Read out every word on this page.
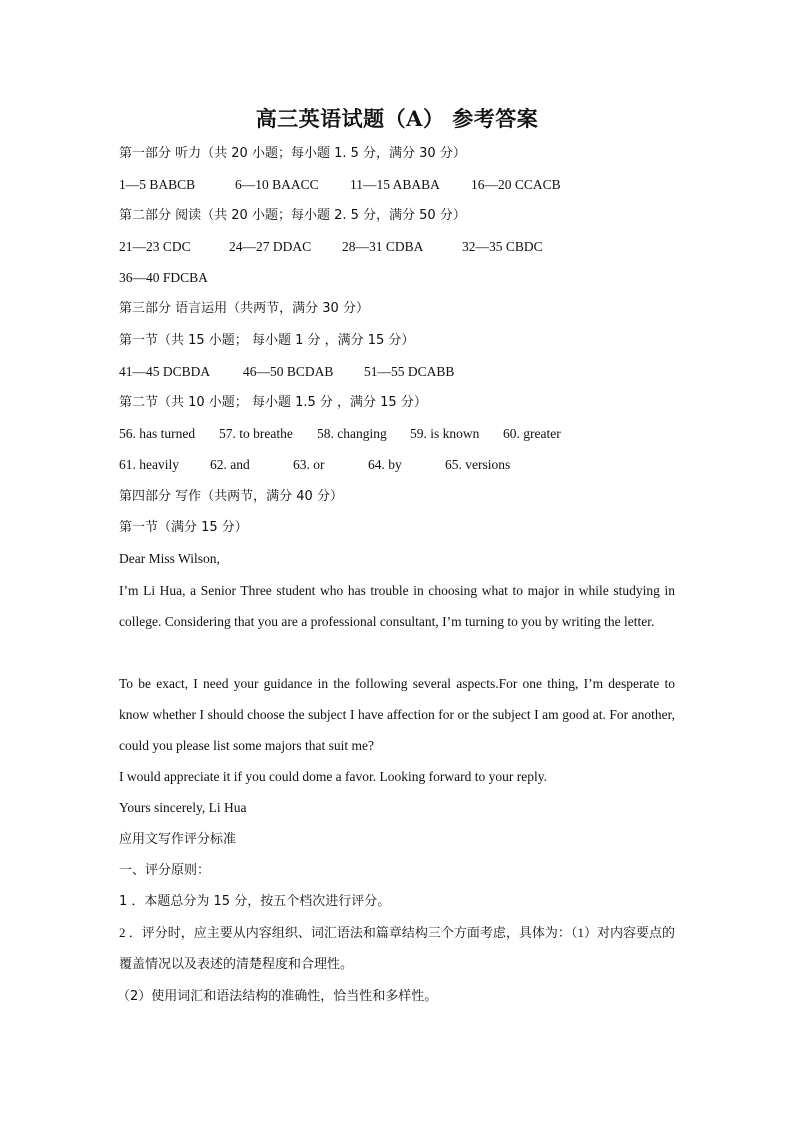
高三英语试题（A） 参考答案
第一部分 听力（共 20 小题；每小题 1. 5 分，满分 30 分）
1—5 BABCB	6—10 BAACC	11—15 ABABA	16—20 CCACB
第二部分 阅读（共 20 小题；每小题 2. 5 分，满分 50 分）
21—23 CDC	24—27 DDAC	28—31 CDBA	32—35 CBDC
36—40 FDCBA
第三部分 语言运用（共两节，满分 30 分）
第一节（共 15 小题； 每小题 1 分 ，满分 15 分）
41—45 DCBDA	46—50 BCDAB	51—55 DCABB
第二节（共 10 小题； 每小题 1.5 分 ，满分 15 分）
56. has turned	57. to breathe	58. changing	59. is known	60. greater
61. heavily	62. and	63. or	64. by	65. versions
第四部分 写作（共两节，满分 40 分）
第一节（满分 15 分）
Dear Miss Wilson,
I’m Li Hua, a Senior Three student who has trouble in choosing what to major in while studying in college. Considering that you are a professional consultant, I’m turning to you by writing the letter.
To be exact, I need your guidance in the following several aspects.For one thing, I’m desperate to know whether I should choose the subject I have affection for or the subject I am good at. For another, could you please list some majors that suit me?
I would appreciate it if you could dome a favor. Looking forward to your reply.
Yours sincerely, Li Hua
应用文写作评分标准
一、评分原则：
1 ．本题总分为 15 分，按五个档次进行评分。
2 ．评分时，应主要从内容组织、词汇语法和篇章结构三个方面考虑，具体为：（1）对内容要点的覆盖情况以及表述的清楚程度和合理性。
（2）使用词汇和语法结构的准确性，恰当性和多样性。
